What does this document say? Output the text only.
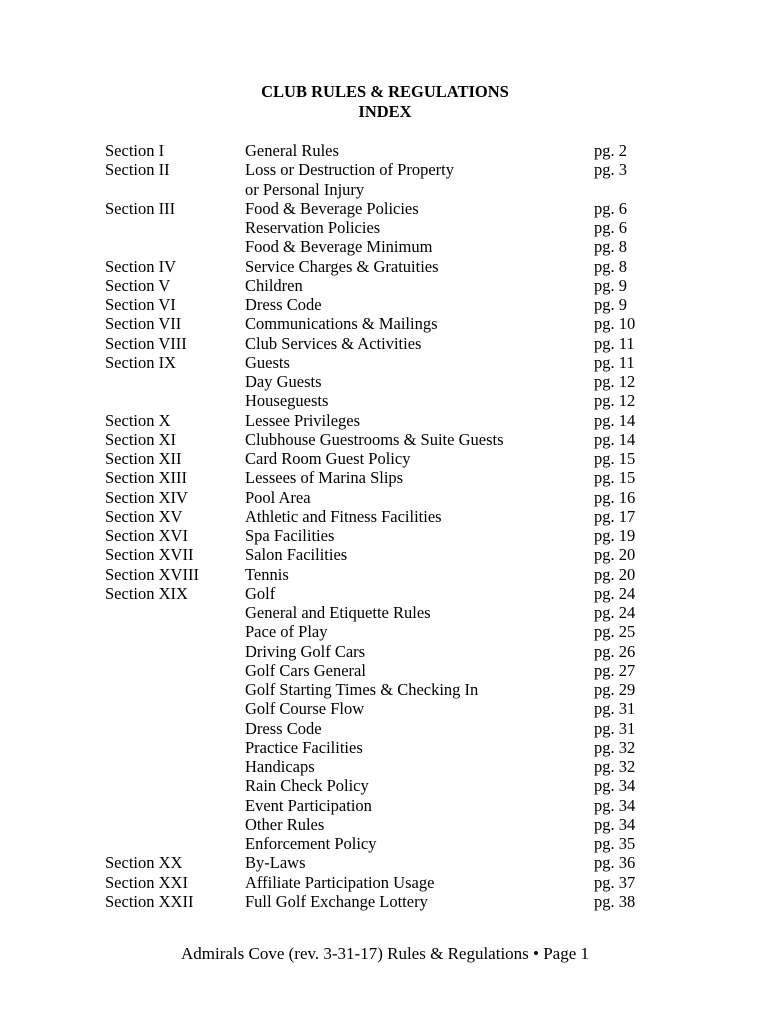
CLUB RULES & REGULATIONS
INDEX
Section I	General Rules	pg. 2
Section II	Loss or Destruction of Property	pg. 3
or Personal Injury
Section III	Food & Beverage Policies	pg. 6
Reservation Policies	pg. 6
Food & Beverage Minimum	pg. 8
Section IV	Service Charges & Gratuities	pg. 8
Section V	Children	pg. 9
Section VI	Dress Code	pg. 9
Section VII	Communications & Mailings	pg. 10
Section VIII	Club Services & Activities	pg. 11
Section IX	Guests	pg. 11
Day Guests	pg. 12
Houseguests	pg. 12
Section X	Lessee Privileges	pg. 14
Section XI	Clubhouse Guestrooms & Suite Guests	pg. 14
Section XII	Card Room Guest Policy	pg. 15
Section XIII	Lessees of Marina Slips	pg. 15
Section XIV	Pool Area	pg. 16
Section XV	Athletic and Fitness Facilities	pg. 17
Section XVI	Spa Facilities	pg. 19
Section XVII	Salon Facilities	pg. 20
Section XVIII	Tennis	pg. 20
Section XIX	Golf	pg. 24
General and Etiquette Rules	pg. 24
Pace of Play	pg. 25
Driving Golf Cars	pg. 26
Golf Cars General	pg. 27
Golf Starting Times & Checking In	pg. 29
Golf Course Flow	pg. 31
Dress Code	pg. 31
Practice Facilities	pg. 32
Handicaps	pg. 32
Rain Check Policy	pg. 34
Event Participation	pg. 34
Other Rules	pg. 34
Enforcement Policy	pg. 35
Section XX	By-Laws	pg. 36
Section XXI	Affiliate Participation Usage	pg. 37
Section XXII	Full Golf Exchange Lottery	pg. 38
Admirals Cove (rev. 3-31-17) Rules & Regulations • Page 1
